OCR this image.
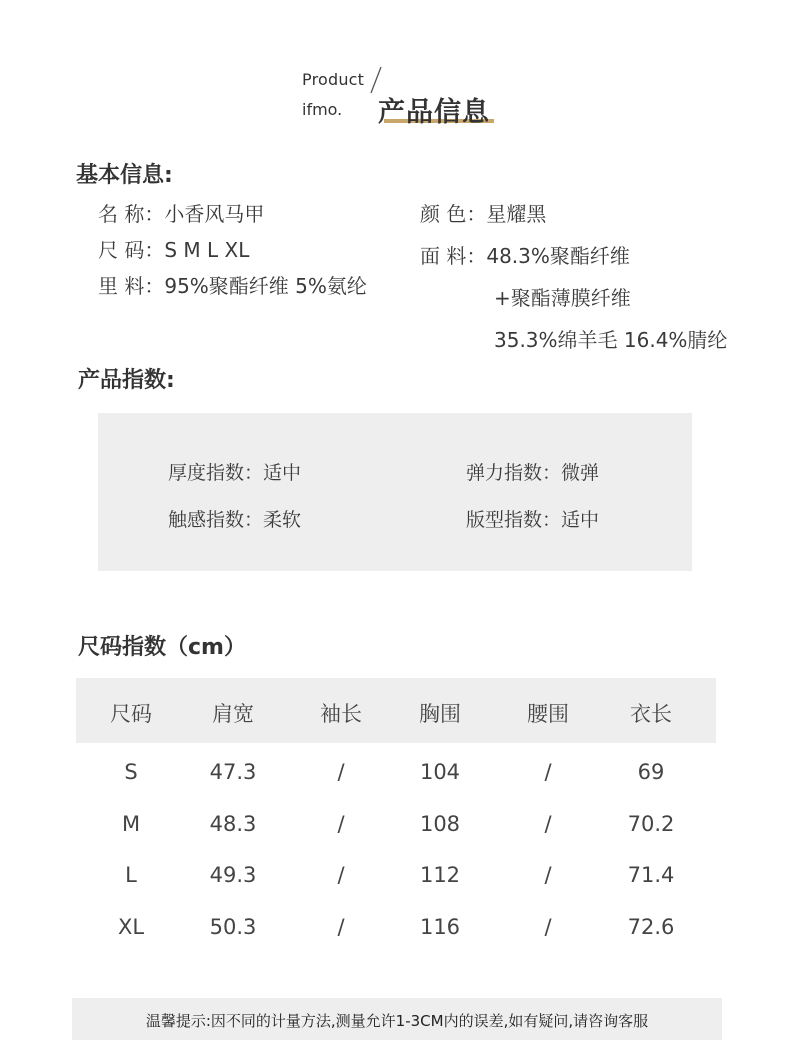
Product
ifmo. 产品信息
基本信息:
名 称：小香风马甲
尺 码：S M L XL
里 料：95%聚酯纤维 5%氨纶
颜 色：星耀黑
面 料：48.3%聚酯纤维
+聚酯薄膜纤维
35.3%绵羊毛 16.4%腈纶
产品指数:
厚度指数：适中	弹力指数：微弹
触感指数：柔软	版型指数：适中
尺码指数（cm）
尺码	肩宽	袖长	胸围	腰围	衣长
S	47.3	/	104	/	69
M	48.3	/	108	/	70.2
L	49.3	/	112	/	71.4
XL	50.3	/	116	/	72.6
温馨提示:因不同的计量方法,测量允许1-3CM内的误差,如有疑问,请咨询客服
